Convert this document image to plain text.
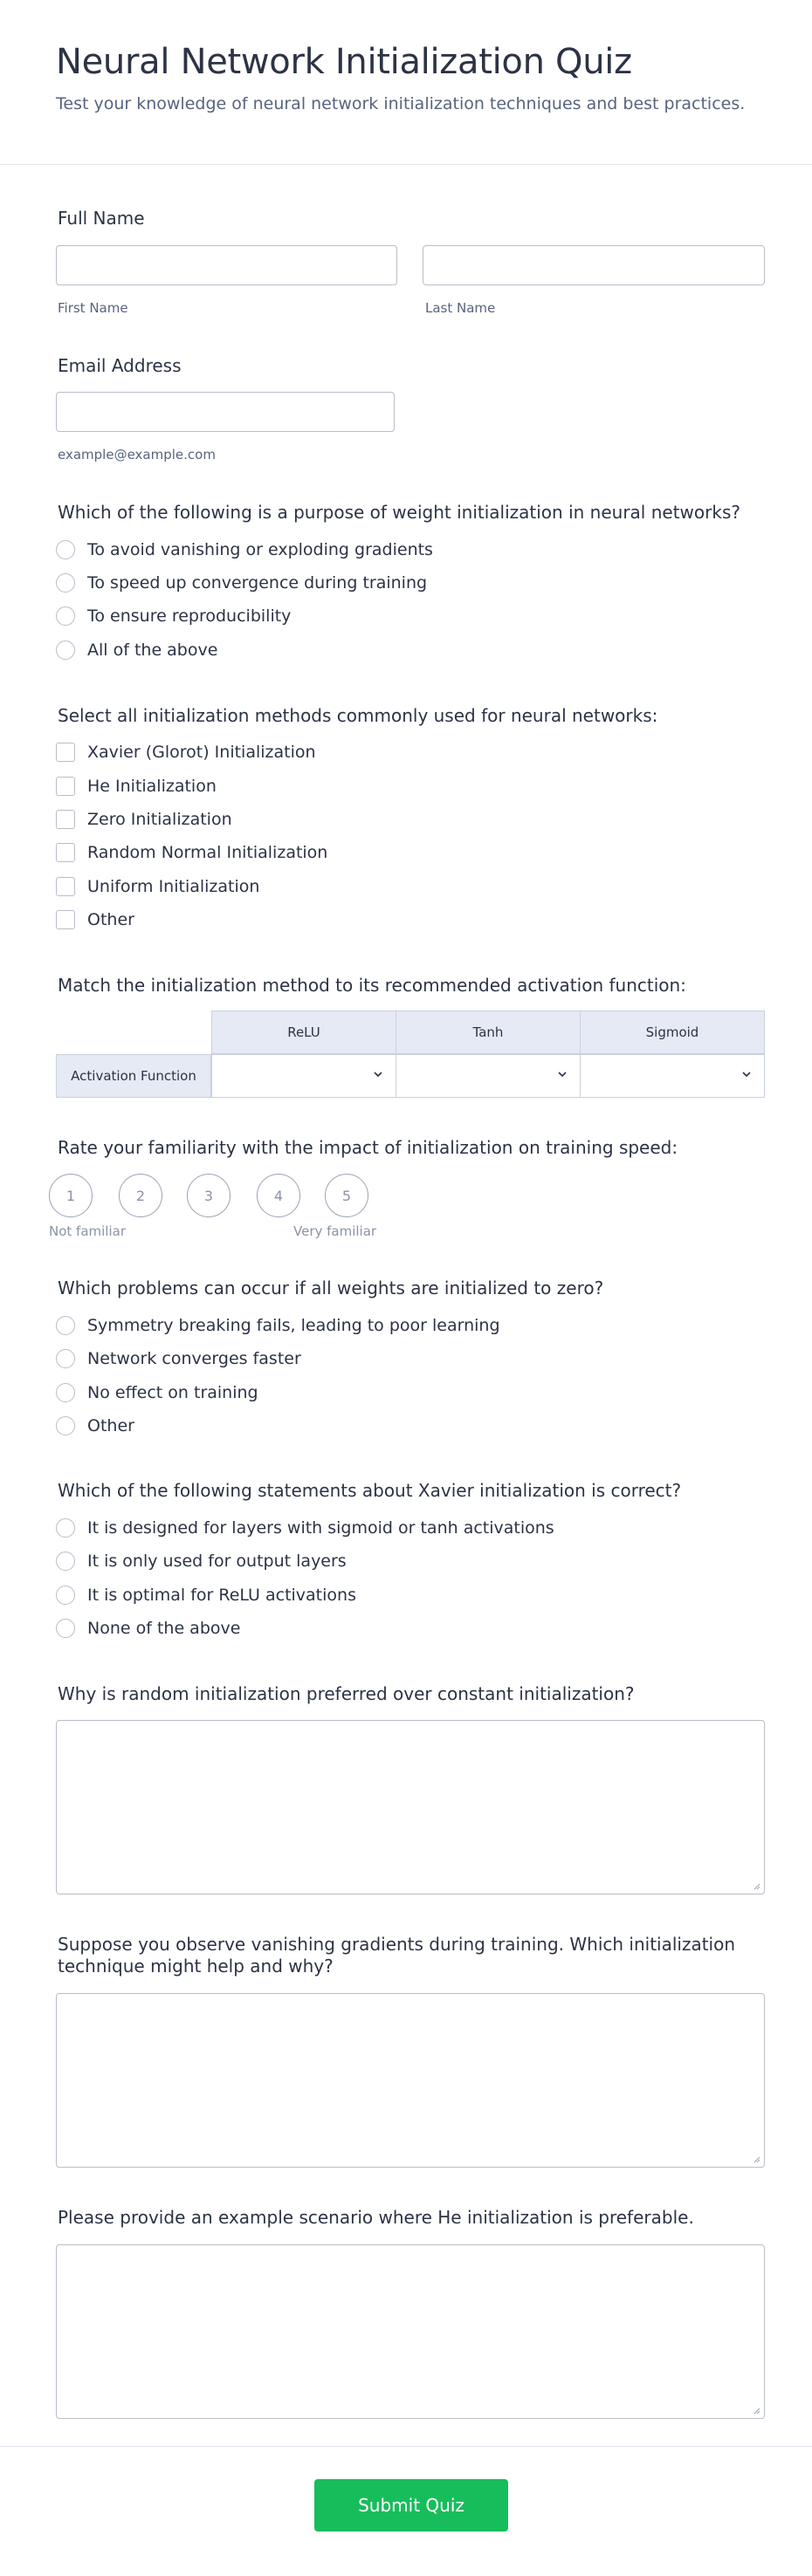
Neural Network Initialization Quiz
Test your knowledge of neural network initialization techniques and best practices.
Full Name
First Name	Last Name
Email Address
example@example.com
Which of the following is a purpose of weight initialization in neural networks?
To avoid vanishing or exploding gradients
To speed up convergence during training
To ensure reproducibility
All of the above
Select all initialization methods commonly used for neural networks:
Xavier (Glorot) Initialization
He Initialization
Zero Initialization
Random Normal Initialization
Uniform Initialization
Other
Match the initialization method to its recommended activation function:
ReLU	Tanh	Sigmoid
Activation Function
Rate your familiarity with the impact of initialization on training speed:
1	2	3	4	5
Not familiar	Very familiar
Which problems can occur if all weights are initialized to zero?
Symmetry breaking fails, leading to poor learning
Network converges faster
No effect on training
Other
Which of the following statements about Xavier initialization is correct?
It is designed for layers with sigmoid or tanh activations
It is only used for output layers
It is optimal for ReLU activations
None of the above
Why is random initialization preferred over constant initialization?
Suppose you observe vanishing gradients during training. Which initialization
technique might help and why?
Please provide an example scenario where He initialization is preferable.
Submit Quiz
